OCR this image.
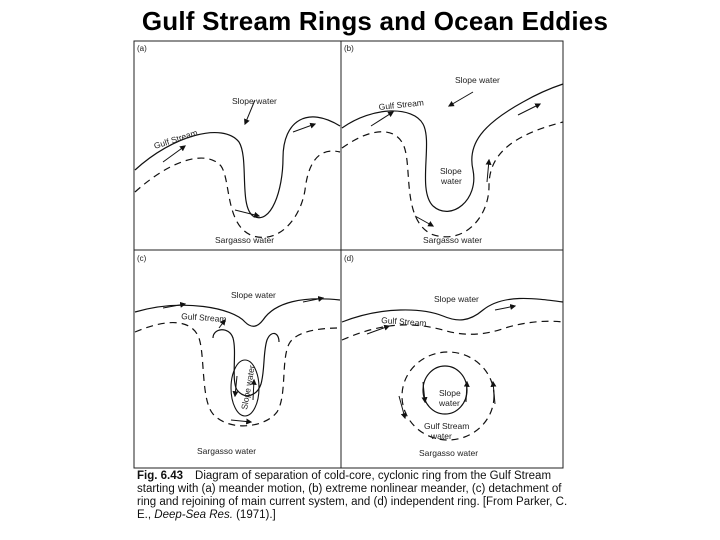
Gulf Stream Rings and Ocean Eddies
(a)	(b)
(c)	(d)
Slope water
Gulf Stream
Sargasso water
Slope water
Gulf Stream
Slope
water
Sargasso water
Slope water
Gulf Stream
Slope water
Sargasso water
Slope water
Gulf Stream
Slope
water
Gulf Stream
water
Sargasso water
Fig. 6.43 Diagram of separation of cold-core, cyclonic ring from the Gulf Stream starting with (a) meander motion, (b) extreme nonlinear meander, (c) detachment of ring and rejoining of main current system, and (d) independent ring. [From Parker, C. E., Deep-Sea Res. (1971).]
